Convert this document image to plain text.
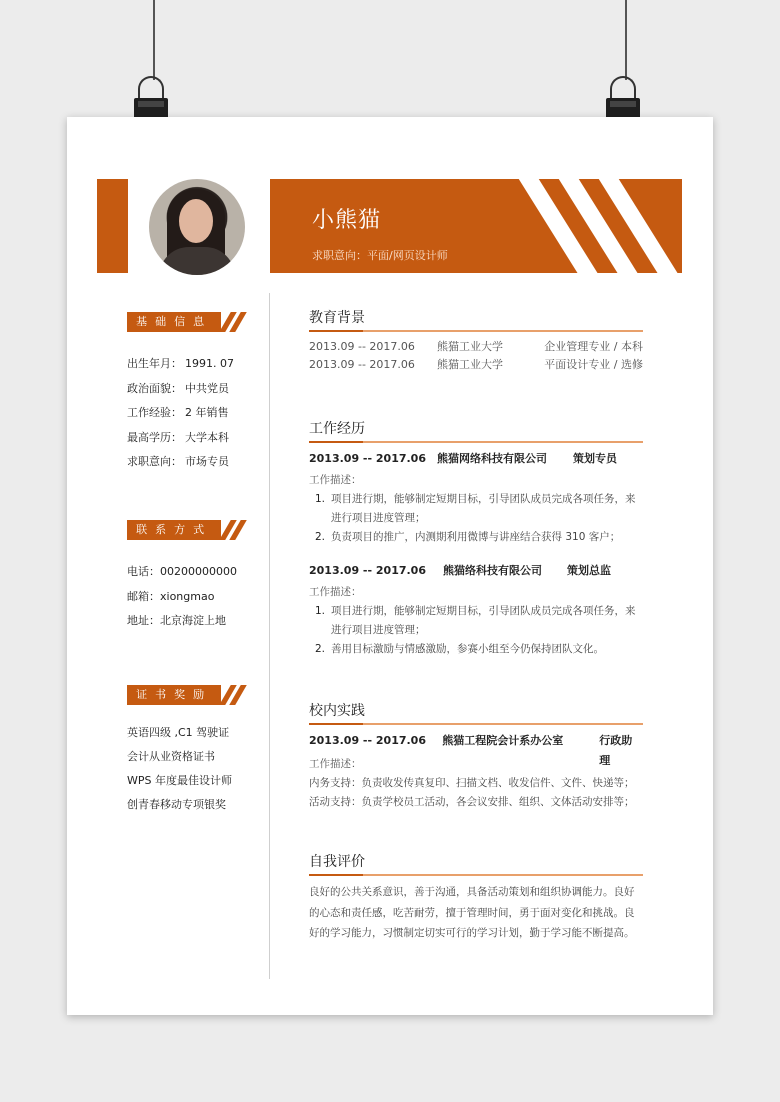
小熊猫
求职意向：平面/网页设计师
基础信息
出生年月： 1991. 07
政治面貌： 中共党员
工作经验： 2 年销售
最高学历： 大学本科
求职意向： 市场专员
联系方式
电话：00200000000
邮箱：xiongmao
地址：北京海淀上地
证书奖励
英语四级 ,C1 驾驶证
会计从业资格证书
WPS 年度最佳设计师
创青春移动专项银奖
教育背景
2013.09 -- 2017.06	熊猫工业大学	企业管理专业 / 本科
2013.09 -- 2017.06	熊猫工业大学	平面设计专业 / 选修
工作经历
2013.09 -- 2017.06	熊猫网络科技有限公司	策划专员
工作描述：
1. 项目进行期，能够制定短期目标，引导团队成员完成各项任务，来进行项目进度管理；
2. 负责项目的推广，内测期利用微博与讲座结合获得 310 客户；
2013.09 -- 2017.06	熊猫络科技有限公司	策划总监
工作描述：
1. 项目进行期，能够制定短期目标，引导团队成员完成各项任务，来进行项目进度管理；
2. 善用目标激励与情感激励，参赛小组至今仍保持团队文化。
校内实践
2013.09 -- 2017.06	熊猫工程院会计系办公室	行政助理
工作描述：
内务支持：负责收发传真复印、扫描文档、收发信件、文件、快递等；
活动支持：负责学校员工活动，各会议安排、组织、文体活动安排等；
自我评价
良好的公共关系意识，善于沟通，具备活动策划和组织协调能力。良好的心态和责任感，吃苦耐劳，擅于管理时间，勇于面对变化和挑战。良好的学习能力，习惯制定切实可行的学习计划，勤于学习能不断提高。
